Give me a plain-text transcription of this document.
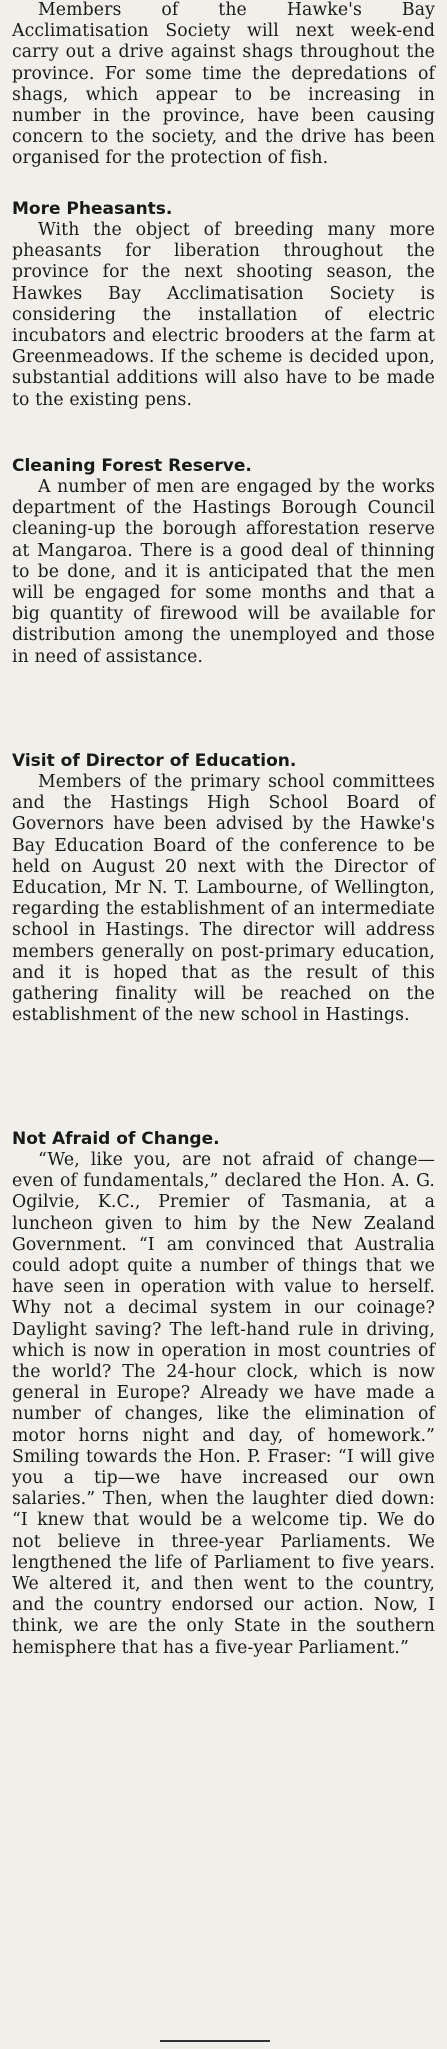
Members of the Hawke's Bay Acclimatisation Society will next week-end carry out a drive against shags throughout the province. For some time the depredations of shags, which appear to be increasing in number in the province, have been causing concern to the society, and the drive has been organised for the protection of fish.

More Pheasants.

With the object of breeding many more pheasants for liberation throughout the province for the next shooting season, the Hawkes Bay Acclimatisation Society is considering the installation of electric incubators and electric brooders at the farm at Greenmeadows. If the scheme is decided upon, substantial additions will also have to be made to the existing pens.

Cleaning Forest Reserve.

A number of men are engaged by the works department of the Hastings Borough Council cleaning-up the borough afforestation reserve at Mangaroa. There is a good deal of thinning to be done, and it is anticipated that the men will be engaged for some months and that a big quantity of firewood will be available for distribution among the unemployed and those in need of assistance.

Visit of Director of Education.

Members of the primary school committees and the Hastings High School Board of Governors have been advised by the Hawke's Bay Education Board of the conference to be held on August 20 next with the Director of Education, Mr N. T. Lambourne, of Wellington, regarding the establishment of an intermediate school in Hastings. The director will address members generally on post-primary education, and it is hoped that as the result of this gathering finality will be reached on the establishment of the new school in Hastings.

Not Afraid of Change.

“We, like you, are not afraid of change—even of fundamentals,” declared the Hon. A. G. Ogilvie, K.C., Premier of Tasmania, at a luncheon given to him by the New Zealand Government. “I am convinced that Australia could adopt quite a number of things that we have seen in operation with value to herself. Why not a decimal system in our coinage? Daylight saving? The left-hand rule in driving, which is now in operation in most countries of the world? The 24-hour clock, which is now general in Europe? Already we have made a number of changes, like the elimination of motor horns night and day, of homework.” Smiling towards the Hon. P. Fraser: “I will give you a tip—we have increased our own salaries.” Then, when the laughter died down: “I knew that would be a welcome tip. We do not believe in three-year Parliaments. We lengthened the life of Parliament to five years. We altered it, and then went to the country, and the country endorsed our action. Now, I think, we are the only State in the southern hemisphere that has a five-year Parliament.”
